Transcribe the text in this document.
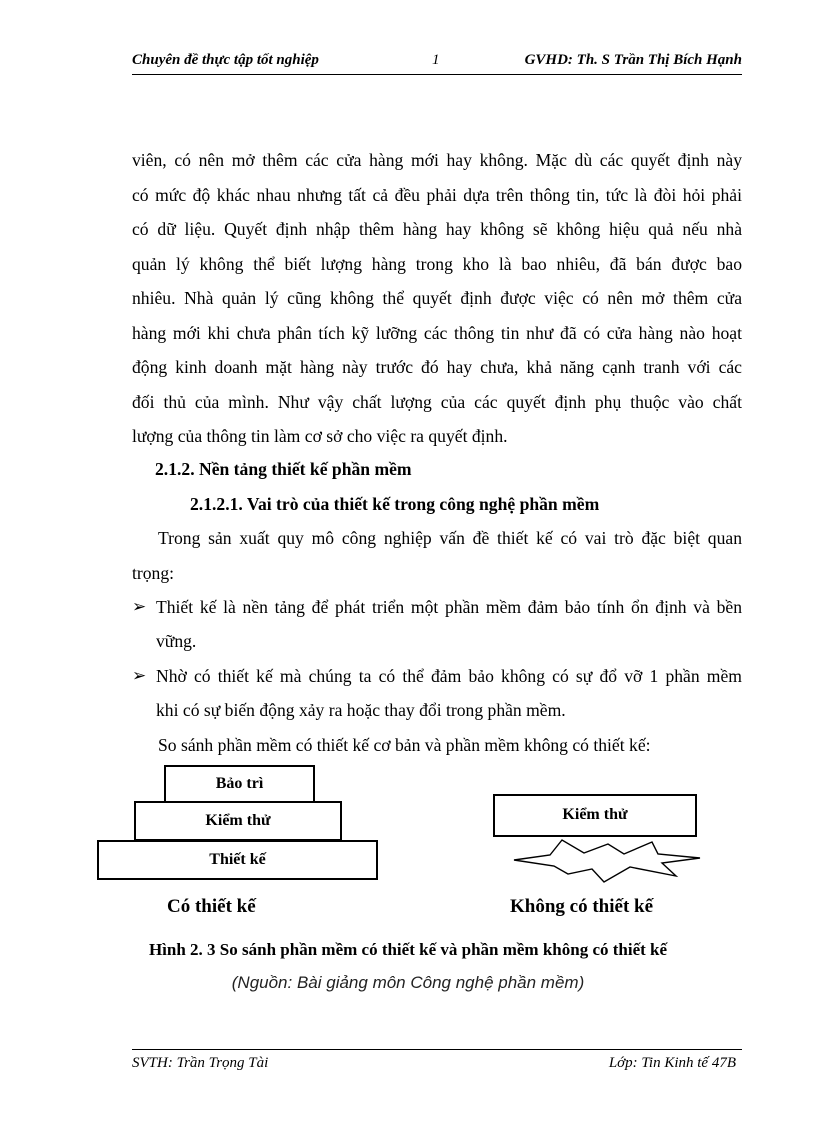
Chuyên đề thực tập tốt nghiệp	1	GVHD: Th. S Trần Thị Bích Hạnh
viên, có nên mở thêm các cửa hàng mới hay không. Mặc dù các quyết định này
có mức độ khác nhau nhưng tất cả đều phải dựa trên thông tin, tức là đòi hỏi phải
có dữ liệu. Quyết định nhập thêm hàng hay không sẽ không hiệu quả nếu nhà
quản lý không thể biết lượng hàng trong kho là bao nhiêu, đã bán được bao
nhiêu. Nhà quản lý cũng không thể quyết định được việc có nên mở thêm cửa
hàng mới khi chưa phân tích kỹ lưỡng các thông tin như đã có cửa hàng nào hoạt
động kinh doanh mặt hàng này trước đó hay chưa, khả năng cạnh tranh với các
đối thủ của mình. Như vậy chất lượng của các quyết định phụ thuộc vào chất
lượng của thông tin làm cơ sở cho việc ra quyết định.
2.1.2. Nền tảng thiết kế phần mềm
2.1.2.1. Vai trò của thiết kế trong công nghệ phần mềm
Trong sản xuất quy mô công nghiệp vấn đề thiết kế có vai trò đặc biệt quan
trọng:
➢ Thiết kế là nền tảng để phát triển một phần mềm đảm bảo tính ổn định và bền
vững.
➢ Nhờ có thiết kế mà chúng ta có thể đảm bảo không có sự đổ vỡ 1 phần mềm
khi có sự biến động xảy ra hoặc thay đổi trong phần mềm.
So sánh phần mềm có thiết kế cơ bản và phần mềm không có thiết kế:
Bảo trì
Kiểm thử
Thiết kế
Có thiết kế
Kiểm thử
Không có thiết kế
Hình 2. 3 So sánh phần mềm có thiết kế và phần mềm không có thiết kế
(Nguồn: Bài giảng môn Công nghệ phần mềm)
SVTH: Trần Trọng Tài	Lớp: Tin Kinh tế 47B
